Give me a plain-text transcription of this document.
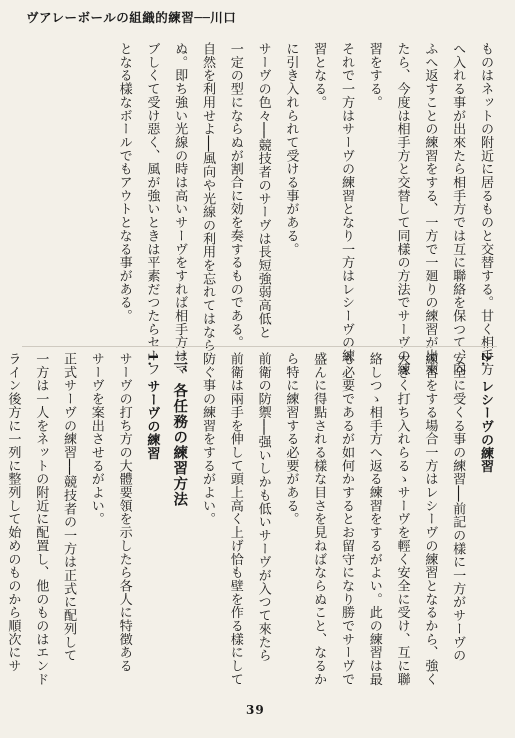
ヴアレーボールの組織的練習──川口

ものはネットの附近に居るものと交替する。甘く相手方

へ入れる事が出來たら相手方では互に聯絡を保つて、向

ふへ返すことの練習をする、一方で一廻りの練習が出來

たら、今度は相手方と交替して同樣の方法でサーヴの練

習をする。

それで一方はサーヴの練習となり一方はレシーヴの練

習となる。

に引き入れられて受ける事がある。

サーヴの色々──競技者のサーヴは長短強弱高低と

一定の型にならぬが割合に効を奏するものである。

自然を利用せよ──風向や光線の利用を忘れてはなら

ぬ。即ち強い光線の時は高いサーヴをすれば相手方はマ

ブしくて受け惡く、風が強いときは平素だつたらセーフ

となる樣なボールでもアウトとなる事がある。

2.　レシーヴの練習

安全に受くる事の練習──前記の樣に一方がサーヴの

練習をする場合一方はレシーヴの練習となるから、強く

大きく打ち入れらるゝサーヴを輕く安全に受け、互に聯

絡しつゝ相手方へ返る練習をするがよい。此の練習は最

も必要であるが如何かするとお留守になり勝でサーヴで

盛んに得點される樣な目さを見ねばならぬこと、なるか

ら特に練習する必要がある。

前衛の防禦──强いしかも低いサーヴが入つて來たら

前衛は兩手を伸して頭上高く上げ恰も壁を作る樣にして

防ぐ事の練習をするがよい。

二、各任務の練習方法

1.　サーヴの練習

サーヴの打ち方の大體要領を示したら各人に特徴ある

サーヴを案出させるがよい。

正式サーヴの練習──競技者の一方は正式に配列して

一方は一人をネットの附近に配置し、他のものはエンド

ライン後方に一列に整列して始めのものから順次にサ

39
